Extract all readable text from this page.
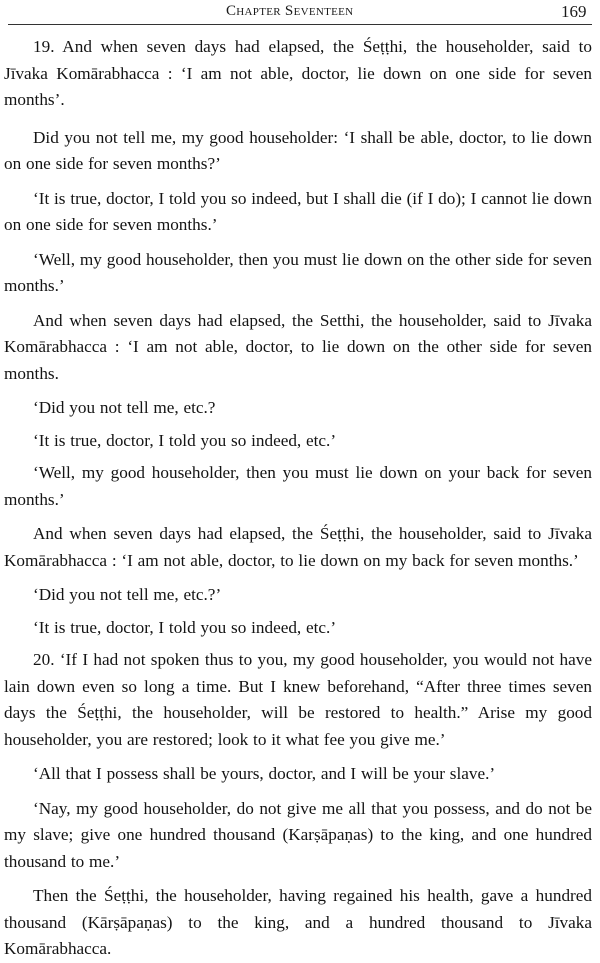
Chapter Seventeen	169

19. And when seven days had elapsed, the Śeṭṭhi, the householder, said to Jīvaka Komārabhacca : ‘I am not able, doctor, lie down on one side for seven months’.

Did you not tell me, my good householder: ‘I shall be able, doctor, to lie down on one side for seven months?’

‘It is true, doctor, I told you so indeed, but I shall die (if I do); I cannot lie down on one side for seven months.’

‘Well, my good householder, then you must lie down on the other side for seven months.’

And when seven days had elapsed, the Setthi, the householder, said to Jīvaka Komārabhacca : ‘I am not able, doctor, to lie down on the other side for seven months.

‘Did you not tell me, etc.?

‘It is true, doctor, I told you so indeed, etc.’

‘Well, my good householder, then you must lie down on your back for seven months.’

And when seven days had elapsed, the Śeṭṭhi, the householder, said to Jīvaka Komārabhacca : ‘I am not able, doctor, to lie down on my back for seven months.’

‘Did you not tell me, etc.?’

‘It is true, doctor, I told you so indeed, etc.’

20. ‘If I had not spoken thus to you, my good householder, you would not have lain down even so long a time. But I knew beforehand, “After three times seven days the Śeṭṭhi, the householder, will be restored to health.” Arise my good householder, you are restored; look to it what fee you give me.’

‘All that I possess shall be yours, doctor, and I will be your slave.’

‘Nay, my good householder, do not give me all that you possess, and do not be my slave; give one hundred thousand (Karṣāpaṇas) to the king, and one hundred thousand to me.’

Then the Śeṭṭhi, the householder, having regained his health, gave a hundred thousand (Kārṣāpaṇas) to the king, and a hundred thousand to Jīvaka Komārabhacca.
